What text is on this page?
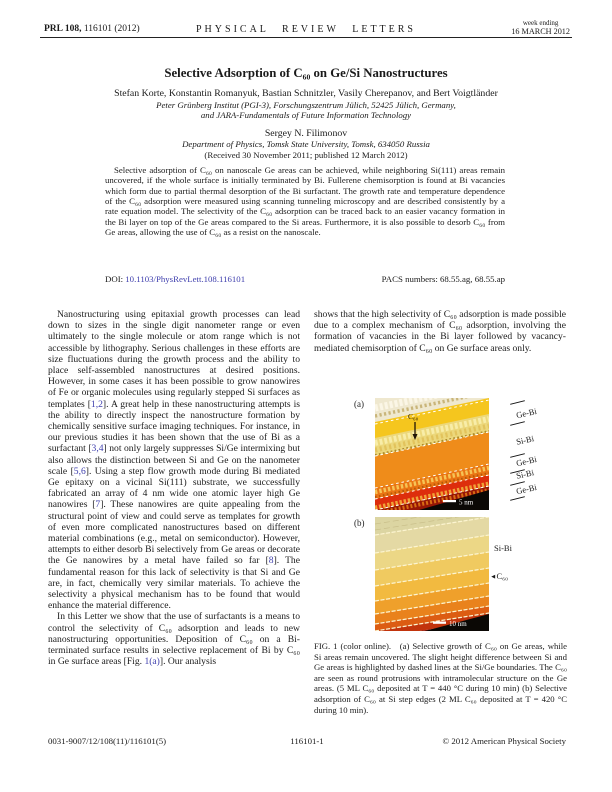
PRL 108, 116101 (2012)	PHYSICAL REVIEW LETTERS
week ending
16 MARCH 2012
Selective Adsorption of C₆₀ on Ge/Si Nanostructures
Stefan Korte, Konstantin Romanyuk, Bastian Schnitzler, Vasily Cherepanov, and Bert Voigtländer
Peter Grünberg Institut (PGI-3), Forschungszentrum Jülich, 52425 Jülich, Germany,
and JARA-Fundamentals of Future Information Technology
Sergey N. Filimonov
Department of Physics, Tomsk State University, Tomsk, 634050 Russia
(Received 30 November 2011; published 12 March 2012)

Selective adsorption of C₆₀ on nanoscale Ge areas can be achieved, while neighboring Si(111) areas remain uncovered, if the whole surface is initially terminated by Bi. Fullerene chemisorption is found at Bi vacancies which form due to partial thermal desorption of the Bi surfactant. The growth rate and temperature dependence of the C₆₀ adsorption were measured using scanning tunneling microscopy and are described consistently by a rate equation model. The selectivity of the C₆₀ adsorption can be traced back to an easier vacancy formation in the Bi layer on top of the Ge areas compared to the Si areas. Furthermore, it is also possible to desorb C₆₀ from Ge areas, allowing the use of C₆₀ as a resist on the nanoscale.

DOI: 10.1103/PhysRevLett.108.116101	PACS numbers: 68.55.ag, 68.55.ap

Nanostructuring using epitaxial growth processes can lead down to sizes in the single digit nanometer range or even ultimately to the single molecule or atom range which is not accessible by lithography. Serious challenges in these efforts are size fluctuations during the growth process and the ability to place self-assembled nanostructures at desired positions. However, in some cases it has been possible to grow nanowires of Fe or organic molecules using regularly stepped Si surfaces as templates [1,2]. A great help in these nanostructuring attempts is the ability to directly inspect the nanostructure formation by chemically sensitive surface imaging techniques. For instance, in our previous studies it has been shown that the use of Bi as a surfactant [3,4] not only largely suppresses Si/Ge intermixing but also allows the distinction between Si and Ge on the nanometer scale [5,6]. Using a step flow growth mode during Bi mediated Ge epitaxy on a vicinal Si(111) substrate, we successfully fabricated an array of 4 nm wide one atomic layer high Ge nanowires [7]. These nanowires are quite appealing from the structural point of view and could serve as templates for growth of even more complicated nanostructures based on different material combinations (e.g., metal on semiconductor). However, attempts to either desorb Bi selectively from Ge areas or decorate the Ge nanowires by a metal have failed so far [8]. The fundamental reason for this lack of selectivity is that Si and Ge are, in fact, chemically very similar materials. To achieve the selectivity a physical mechanism has to be found that would enhance the material difference.

In this Letter we show that the use of surfactants is a means to control the selectivity of C₆₀ adsorption and leads to new nanostructuring opportunities. Deposition of C₆₀ on a Bi-terminated surface results in selective replacement of Bi by C₆₀ in Ge surface areas [Fig. 1(a)]. Our analysis

shows that the high selectivity of C₆₀ adsorption is made possible due to a complex mechanism of C₆₀ adsorption, involving the formation of vacancies in the Bi layer followed by vacancy-mediated chemisorption of C₆₀ on Ge surface areas only.

(a)
5 nm
C₆₀	Ge-Bi
Si-Bi
Ge-Bi
Si-Bi
Ge-Bi
(b)
10 nm
Si-Bi
◄C₆₀

FIG. 1 (color online). (a) Selective growth of C₆₀ on Ge areas, while Si areas remain uncovered. The slight height difference between Si and Ge areas is highlighted by dashed lines at the Si/Ge boundaries. The C₆₀ are seen as round protrusions with intramolecular structure on the Ge areas. (5 ML C₆₀ deposited at T = 440 °C during 10 min) (b) Selective adsorption of C₆₀ at Si step edges (2 ML C₆₀ deposited at T = 420 °C during 10 min).

0031-9007/12/108(11)/116101(5)	116101-1	© 2012 American Physical Society
